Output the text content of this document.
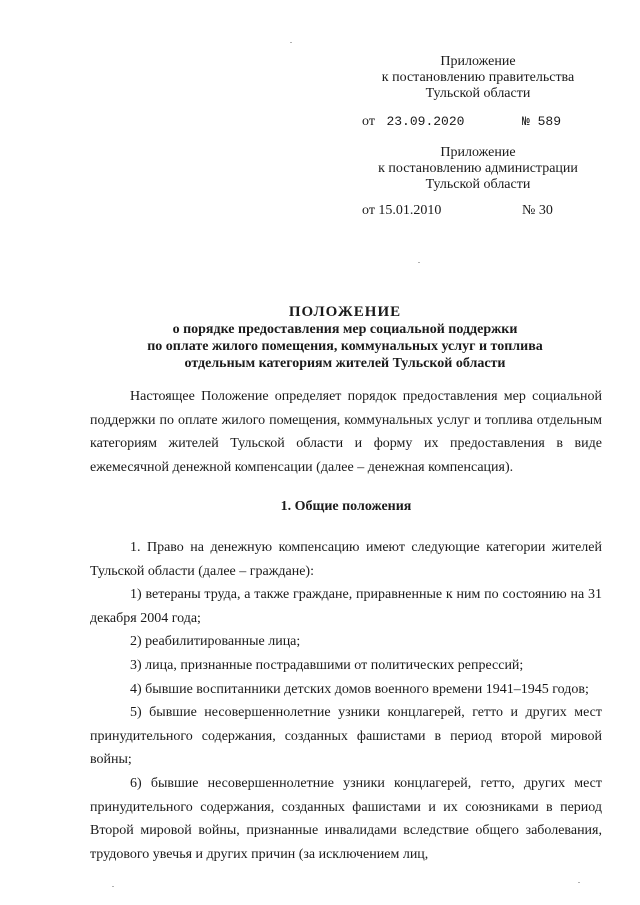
Приложение
к постановлению правительства
Тульской области
от 23.09.2020	№ 589
Приложение
к постановлению администрации
Тульской области
от 15.01.2010	№ 30
ПОЛОЖЕНИЕ
о порядке предоставления мер социальной поддержки
по оплате жилого помещения, коммунальных услуг и топлива
отдельным категориям жителей Тульской области

Настоящее Положение определяет порядок предоставления мер социальной поддержки по оплате жилого помещения, коммунальных услуг и топлива отдельным категориям жителей Тульской области и форму их предоставления в виде ежемесячной денежной компенсации (далее – денежная компенсация).

1. Общие положения

1. Право на денежную компенсацию имеют следующие категории жителей Тульской области (далее – граждане):

1) ветераны труда, а также граждане, приравненные к ним по состоянию на 31 декабря 2004 года;

2) реабилитированные лица;

3) лица, признанные пострадавшими от политических репрессий;

4) бывшие воспитанники детских домов военного времени 1941–1945 годов;

5) бывшие несовершеннолетние узники концлагерей, гетто и других мест принудительного содержания, созданных фашистами в период второй мировой войны;

6) бывшие несовершеннолетние узники концлагерей, гетто, других мест принудительного содержания, созданных фашистами и их союзниками в период Второй мировой войны, признанные инвалидами вследствие общего заболевания, трудового увечья и других причин (за исключением лиц,
